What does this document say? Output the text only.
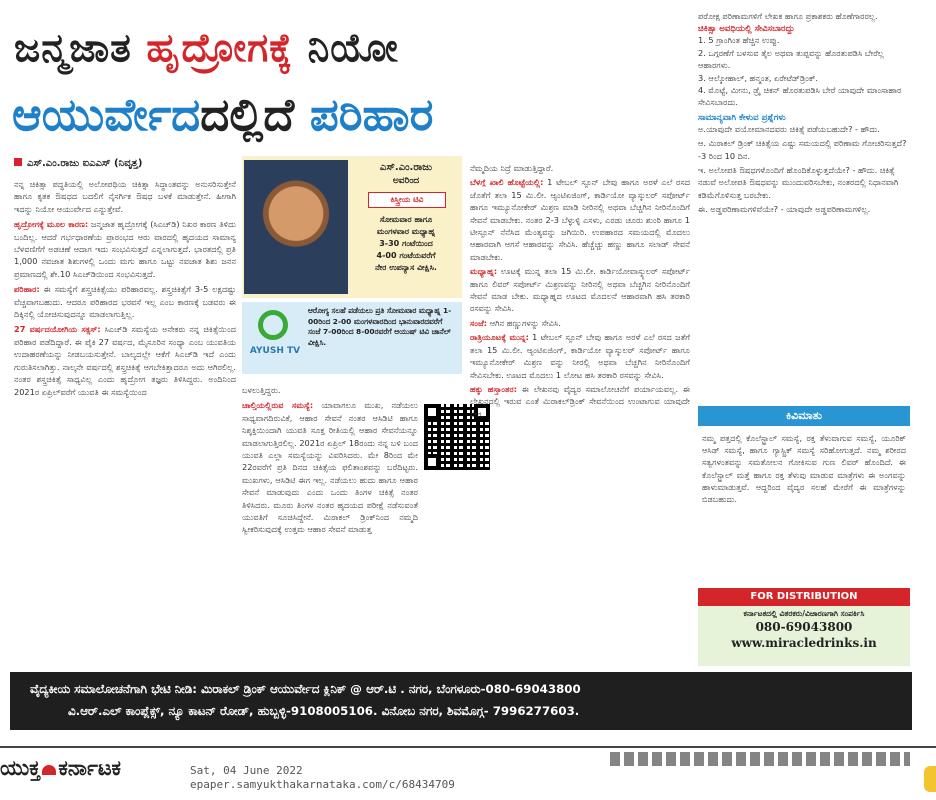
ಜನ್ಮಜಾತ ಹೃದ್ರೋಗಕ್ಕೆ ನಿಯೋ
ಆಯುರ್ವೇದದಲ್ಲಿದೆ ಪರಿಹಾರ
ಎಸ್.ಎಂ.ರಾಜು ಐಎಎಸ್ (ನಿವೃತ್ತ)

ನನ್ನ ಚಿಕಿತ್ಸಾ ಪದ್ಧತಿಯಲ್ಲಿ ಅಲೋಪಥಿಯ ಚಿಕಿತ್ಸಾ ಸಿದ್ಧಾಂತವನ್ನು ಅನುಸರಿಸುತ್ತೇನೆ ಹಾಗೂ ಕೃತಕ ಔಷಧದ ಬದಲಿಗೆ ನೈಸರ್ಗಿಕ ಔಷಧ ಬಳಕೆ ಮಾಡುತ್ತೇನೆ. ಹೀಗಾಗಿ ಇದನ್ನು ನಿಯೋ ಆಯುರ್ವೇದ ಎನ್ನುತ್ತೇವೆ.

ಹೃದ್ರೋಗಕ್ಕೆ ಮೂಲ ಕಾರಣ: ಜನ್ಮಜಾತ ಹೃದ್ರೋಗಕ್ಕೆ (ಸಿಎಚ್‌ಡಿ) ನಿಖರ ಕಾರಣ ತಿಳಿದು ಬಂದಿಲ್ಲ. ಆದರೆ ಗರ್ಭಧಾರಣೆಯ ಪ್ರಾರಂಭದ ಆರು ವಾರದಲ್ಲಿ ಹೃದಯದ ಸಾಮಾನ್ಯ ಬೆಳವಣಿಗೆಗೆ ಅಡಚಣೆ ಆದಾಗ ಇದು ಸಂಭವಿಸುತ್ತದೆ ಎನ್ನಲಾಗುತ್ತದೆ. ಭಾರತದಲ್ಲಿ ಪ್ರತಿ 1,000 ನವಜಾತ ಶಿಶುಗಳಲ್ಲಿ ಒಂದು ಮಗು ಹಾಗೂ ಒಟ್ಟು ನವಜಾತ ಶಿಶು ಜನನ ಪ್ರಮಾಣದಲ್ಲಿ ಶೇ.10 ಸಿಎಚ್‌ಡಿಯಿಂದ ಸಂಭವಿಸುತ್ತದೆ.

ಪರಿಹಾರ: ಈ ಸಮಸ್ಯೆಗೆ ಶಸ್ತ್ರಚಿಕಿತ್ಸೆಯು ಪರಿಹಾರವಲ್ಲ. ಶಸ್ತ್ರಚಿಕಿತ್ಸೆಗೆ 3-5 ಲಕ್ಷದಷ್ಟು ವೆಚ್ಚವಾಗಬಹುದು. ಆದರೂ ಪರಿಹಾರದ ಭರವಸೆ ಇಲ್ಲ ಎಂಬ ಕಾರಣಕ್ಕೆ ಬಡವರು ಈ ದಿಕ್ಕಿನಲ್ಲಿ ಯೋಚಿಸುವುದನ್ನೂ ಮಾಡಲಾಗುತ್ತಿಲ್ಲ.

27 ವರ್ಷದಯೋಗಿಯ ಸಕ್ಸಸ್: ಸಿಎಚ್‌ಡಿ ಸಮಸ್ಯೆಯ ಅನೇಕರು ನನ್ನ ಚಿಕಿತ್ಸೆಯಿಂದ ಪರಿಹಾರ ಪಡೆದಿದ್ದಾರೆ. ಈ ಪೈಕಿ 27 ವರ್ಷದ, ಮೈಸೂರಿನ ಸಂಧ್ಯಾ ಎಂಬ ಯುವತಿಯ ಉದಾಹರಣೆಯನ್ನು ನೀಡಬಯಸುತ್ತೇನೆ. ಬಾಲ್ಯದಲ್ಲೇ ಆಕೆಗೆ ಸಿಎಚ್‌ಡಿ ಇದೆ ಎಂದು ಗುರುತಿಸಲಾಗಿತ್ತು. ನಾಲ್ಕನೇ ವರ್ಷದಲ್ಲಿ ಶಸ್ತ್ರಚಿಕಿತ್ಸೆ ಆಗಬೇಕಿತ್ತಾದರೂ ಅದು ಆಗಿರಲಿಲ್ಲ. ನಂತರ ಶಸ್ತ್ರಚಿಕಿತ್ಸೆ ಸಾಧ್ಯವಿಲ್ಲ ಎಂದು ಹೃದ್ರೋಗ ತಜ್ಞರು ತಿಳಿಸಿದ್ದರು. ಅಂದಿನಿಂದ 2021ರ ಏಪ್ರಿಲ್‌ವರೆಗೆ ಯುವತಿ ಈ ಸಮಸ್ಯೆಯಿಂದ

ಎಸ್.ಎಂ.ರಾಜು
ಅವರಿಂದ
ಕಿಸ್ತ್ರೀಯ ಟಿವಿ
ಸೋಮವಾರ ಹಾಗೂ
ಮಂಗಳವಾರ ಮಧ್ಯಾಹ್ನ
3-30 ಗಂಟೆಯಿಂದ
4-00 ಗಂಟೆಯವರೆಗೆ
ನೇರ ಉಪನ್ಯಾಸ ವೀಕ್ಷಿಸಿ.
AYUSH TV
ಆರೋಗ್ಯ ಸಲಹೆ ಪಡೆಯಲು ಪ್ರತಿ ಸೋಮವಾರ ಮಧ್ಯಾಹ್ನ 1-00ರಿಂದ 2-00 ಮಂಗಳವಾರದಿಂದ ಭಾನುವಾರದವರೆಗೆ ಸಂಜೆ 7-00ರಿಂದ 8-00ರವರೆಗೆ ಆಯುಷ್ ಟಿವಿ ಚಾನೆಲ್ ವೀಕ್ಷಿಸಿ.

ಬಳಲುತ್ತಿದ್ದರು.

ಚಾಲ್ತಿಯಲ್ಲಿರುವ ಸಮಸ್ಯೆ: ಯಾವಾಗಲೂ ಮುಖ, ನಡೆಯಲು ಸಾಧ್ಯವಾಗದಿರುವಿಕೆ, ಆಹಾರ ಸೇವನೆ ನಂತರ ಆಸಿಡಿಟಿ ಹಾಗೂ ನಿಶ್ಶಕ್ತಿಯಿಂದಾಗಿ ಯುವತಿ ಸೂಕ್ತ ರೀತಿಯಲ್ಲಿ ಆಹಾರ ಸೇವನೆಯನ್ನೂ ಮಾಡಲಾಗುತ್ತಿರಲಿಲ್ಲ. 2021ರ ಏಪ್ರಿಲ್ 18ರಂದು ನನ್ನ ಬಳಿ ಬಂದ ಯುವತಿ ಎಲ್ಲಾ ಸಮಸ್ಯೆಯನ್ನು ವಿವರಿಸಿದರು. ಮೇ 8ರಿಂದ ಮೇ 22ರವರೆಗೆ ಪ್ರತಿ ದಿನದ ಚಿಕಿತ್ಸೆಯ ಫಲಿತಾಂಶವನ್ನು ಬರೆದಿಟ್ಟರು. ಮುಖಗಳು, ಆಸಿಡಿಟಿ ಈಗ ಇಲ್ಲ. ನಡೆಯಲು ಹುದು ಹಾಗೂ ಆಹಾರ ಸೇವನೆ ಮಾಡುವುದು ಎಂದು ಒಂದು ತಿಂಗಳ ಚಿಕಿತ್ಸೆ ನಂತರ ತಿಳಿಸಿದರು. ಮೂರು ತಿಂಗಳ ನಂತರ ಹೃದಯದ ಪರೀಕ್ಷೆ ನಡೆಸುವಂತೆ ಯುವತಿಗೆ ಸೂಚಿಸಿದ್ದೇನೆ. ಮಿರಾಕಲ್ ಡ್ರಿಂಕ್‌ನಿಂದ ನಮ್ಮದಿ ಸ್ವೀಕರಿಸುವುದಕ್ಕೆ ಉತ್ತಮ ಆಹಾರ ಸೇವನೆ ಮಾಡುತ್ತ

ನೆಮ್ಮದಿಯ ನಿದ್ರೆ ಮಾಡುತ್ತಿದ್ದಾರೆ.

ಬೆಳಗ್ಗೆ ಖಾಲಿ ಹೊಟ್ಟೆಯಲ್ಲಿ: 1 ಟೇಬಲ್ ಸ್ಪೂನ್ ಬೇವು ಹಾಗೂ ಅರಳೆ ಎಲೆ ರಸದ ಜೊತೆಗೆ ತಲಾ 15 ಮಿ.ಲೀ. ಆ್ಯಂಟಿಏಜಿಂಗ್, ಕಾರ್ಡಿಯೋ ವ್ಯಾಸ್ಕುಲರ್ ಸಪೋರ್ಟ್ ಹಾಗೂ ಇಮ್ಯೂನೋಕೇರ್ ಮಿಶ್ರಣ ಮಾಡಿ ನೀರಿನಲ್ಲಿ ಅಥವಾ ಬೆಚ್ಚಗಿನ ನೀರಿನೊಂದಿಗೆ ಸೇವನೆ ಮಾಡಬೇಕು. ನಂತರ 2-3 ಬೆಳ್ಳುಳ್ಳಿ ಎಸಳು, ಎರಡು ಚೂರು ಶುಂಠಿ ಹಾಗೂ 1 ಟೀಸ್ಪೂನ್ ನೆನೆಸಿದ ಮೆಂತ್ಯವನ್ನು ಜಗಿಯಿರಿ. ಉಪಹಾರದ ಸಮಯದಲ್ಲಿ ಮೊದಲು ಆಹಾರವಾಗಿ ಆಗಸೆ ಆಹಾರವನ್ನು ಸೇವಿಸಿ. ಹೆಚ್ಚೆಚ್ಚು ಹಣ್ಣು ಹಾಗೂ ಸಲಾಡ್ ಸೇವನೆ ಮಾಡಬೇಕು.

ಮಧ್ಯಾಹ್ನ: ಊಟಕ್ಕೆ ಮುನ್ನ ತಲಾ 15 ಮಿ.ಲೀ. ಕಾರ್ಡಿಯೋವಾಸ್ಕ್ಯುಲರ್ ಸಪೋರ್ಟ್ ಹಾಗೂ ಲಿವರ್ ಸಪೋರ್ಟ್ ಮಿಶ್ರಣವನ್ನು ನೀರಿನಲ್ಲಿ ಅಥವಾ ಬೆಚ್ಚಗಿನ ನೀರಿನೊಂದಿಗೆ ಸೇವನೆ ಮಾಡ ಬೇಕು. ಮಧ್ಯಾಹ್ನದ ಊಟದ ಮೊದಲನೆ ಆಹಾರವಾಗಿ ಹಸಿ ತರಕಾರಿ ರಸವನ್ನು ಸೇವಿಸಿ.

ಸಂಜೆ: ಆಗಿನ ಹಣ್ಣುಗಳನ್ನು ಸೇವಿಸಿ.

ರಾತ್ರಿಯೂಟಕ್ಕೆ ಮುನ್ನ: 1 ಟೇಬಲ್ ಸ್ಪೂನ್ ಬೇವು ಹಾಗೂ ಅರಳೆ ಎಲೆ ರಸದ ಜತೆಗೆ ತಲಾ 15 ಮಿ.ಲೀ. ಆ್ಯಂಟಿಏಜಿಂಗ್, ಕಾರ್ಡಿಯೋ ವ್ಯಾಸ್ಕುಲರ್ ಸಪೋರ್ಟ್ ಹಾಗೂ ಇಮ್ಯೂನೋಕೇರ್ ಮಿಶ್ರಣ ವನ್ನು ನೀರಲ್ಲಿ ಅಥವಾ ಬೆಚ್ಚಗಿನ ನೀರಿನೊಂದಿಗೆ ಸೇವಿಸಬೇಕು. ಊಟದ ಮೊದಲು 1 ಲೋಟ ಹಸಿ ತರಕಾರಿ ರಸವನ್ನು ಸೇವಿಸಿ.

ಹಕ್ಕು ಹಸ್ತಾಂತರ: ಈ ಲೇಖನವು ವೈದ್ಯರ ಸಮಾಲೋಚನೆಗೆ ಪರ್ಯಾಯವಲ್ಲ. ಈ ಲೇಖನದಲ್ಲಿ ಇರುವ ಎಂತೆ ಮಿರಾಕಲ್‌ಡ್ರಿಂಕ್ ಸೇವನೆಯಿಂದ ಉಂಟಾಗುವ ಯಾವುದೇ ನೇರ,

ಪರೋಕ್ಷ ಪರಿಣಾಮಗಳಿಗೆ ಲೇಖಕ ಹಾಗೂ ಪ್ರಕಾಶಕರು ಹೊಣೆಗಾರರಲ್ಲ.

ಚಿಕಿತ್ಸಾ ಅವಧಿಯಲ್ಲಿ ಸೇವಿಸಬಾರದ್ದು

1. 5 ಗ್ರಾಂಗಿಂತ ಹೆಚ್ಚಿನ ಉಪ್ಪು.
2. ಒಗ್ಗರಣೆಗೆ ಬಳಸುವ ತೈಲ ಅಥವಾ ತುಪ್ಪವನ್ನು ಹೊರತುಪಡಿಸಿ ಬೇರೆಲ್ಲ ಆಹಾರಗಳು.
3. ಆಲ್ಕೋಹಾಲ್, ಹನ್ಮಂತ, ಏರೇಟೆಡ್‌ಡ್ರಿಂಕ್.
4. ಮೊಟ್ಟೆ, ಮೀನು, ಡ್ರೈ ಚಿಕನ್ ಹೊರತುಪಡಿಸಿ ಬೇರೆ ಯಾವುದೇ ಮಾಂಸಾಹಾರ ಸೇವಿಸಬಾರದು.

ಸಾಮಾನ್ಯವಾಗಿ ಕೇಳುವ ಪ್ರಶ್ನೆಗಳು

ಅ.ಯಾವುದೇ ವಯೋಮಾನದವರು ಚಿಕಿತ್ಸೆ ಪಡೆಯಬಹುದೇ? - ಹೌದು.
ಆ. ಮಿರಾಕಲ್ ಡ್ರಿಂಕ್ ಚಿಕಿತ್ಸೆಯ ಎಷ್ಟು ಸಮಯದಲ್ಲಿ ಪರಿಣಾಮ ಗೋಚರಿಸುತ್ತದೆ? -3 ರಿಂದ 10 ದಿನ.
ಇ. ಅಲೋಪತಿ ಔಷಧಗಳೊಂದಿಗೆ ಹೊಂದಿಕೊಳ್ಳುತ್ತದೆಯೇ? - ಹೌದು. ಚಿಕಿತ್ಸೆ ನಡುವೆ ಅಲೋಪತಿ ಔಷಧವನ್ನು ಮುಂದುವರಿಸಬೇಕು, ನಂತರದಲ್ಲಿ ನಿಧಾನವಾಗಿ ಕಡಿಮೆಗೊಳಿಸುತ್ತ ಬರಬೇಕು.
ಈ. ಅಡ್ಡಪರಿಣಾಮಗಳಿವೆಯೇ? - ಯಾವುದೇ ಅಡ್ಡಪರಿಣಾಮಗಳಿಲ್ಲ.
ಕಿವಿಮಾತು
ನಮ್ಮ ಪತ್ತದಲ್ಲಿ ಕೊಲೆಸ್ಟ್ರಾಲ್ ಸಮಸ್ಯೆ, ರಕ್ತ ತೆಳುವಾಗುವ ಸಮಸ್ಯೆ, ಯೂರಿಕ್ ಆಸಿಡ್ ಸಮಸ್ಯೆ, ಹಾಗೂ ಗ್ಯಾಸ್ಟ್ರಿಕ್ ಸಮಸ್ಯೆ ಸರಿಹೋಗುತ್ತದೆ. ನಮ್ಮ ಶರೀರದ ಸತ್ವಗಳಂತವನ್ನು ಸಮತೋಲನ ಗೋಕಿಸುವ ಗುಣ ಲಿವರ್ ಹೊಂದಿದೆ. ಈ ಕೊಲೆಸ್ಟ್ರಾಲ್ ಮತ್ತೆ ಹಾಗೂ ರಕ್ತ ತೆಳುವು ಮಾಡುವ ಮಾತ್ರೆಗಳು ಈ ಅಂಗವನ್ನು ಹಾಳುಮಾಡುತ್ತವೆ. ಆದ್ದರಿಂದ ವೈದ್ಯರ ಸಲಹೆ ಮೇರೆಗೆ ಈ ಮಾತ್ರೆಗಳನ್ನು ಬಿಡಬಹುದು.
FOR DISTRIBUTION
ಕರ್ನಾಟಕದಲ್ಲಿ ವಿತರಕರು/ವಿಜಾರಣಗಾಗಿ ಸಂಪರ್ಕಿಸಿ
080-69043800
www.miracledrinks.in
ವೈದ್ಯಕೀಯ ಸಮಾಲೋಚನೆಗಾಗಿ ಭೇಟಿ ನೀಡಿ: ಮಿರಾಕಲ್ ಡ್ರಿಂಕ್ ಆಯುರ್ವೇದ ಕ್ಲಿನಿಕ್ @ ಆರ್.ಟಿ . ನಗರ, ಬೆಂಗಳೂರು-080-69043800
ವಿ.ಆರ್.ಎಲ್ ಕಾಂಪ್ಲೆಕ್ಸ್, ನ್ಯೂ ಕಾಟನ್ ರೋಡ್, ಹುಬ್ಬಳ್ಳಿ-9108005106. ವಿನೋಬ ನಗರ, ಶಿವಮೊಗ್ಗ- 7996277603.
ಯುಕ್ತ ಕರ್ನಾಟಕ	Sat, 04 June 2022
epaper.samyukthakarnataka.com/c/68434709
